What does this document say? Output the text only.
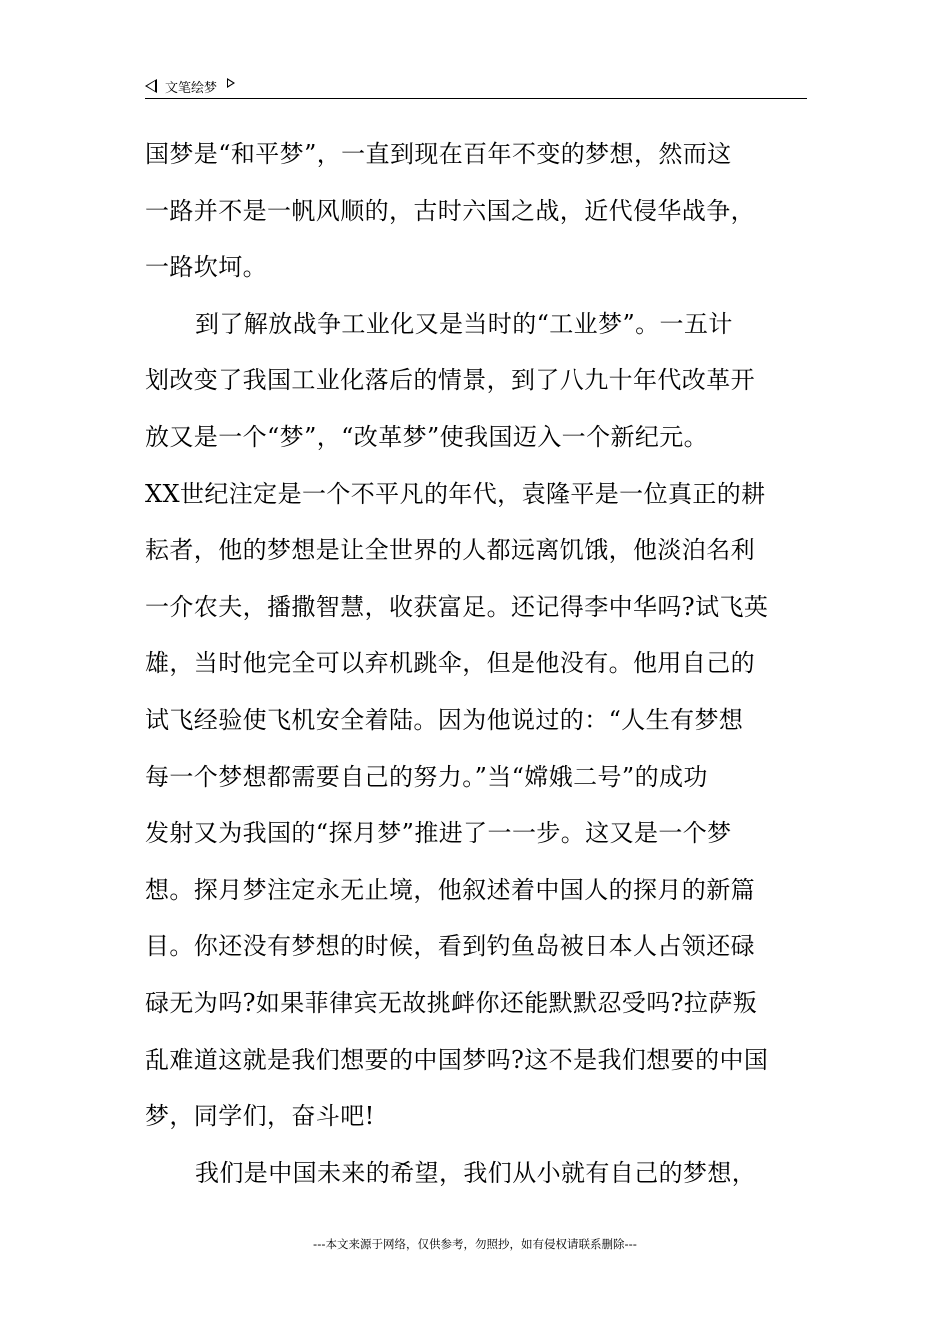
文笔绘梦
国梦是“和平梦”，一直到现在百年不变的梦想，然而这
一路并不是一帆风顺的，古时六国之战，近代侵华战争，
一路坎坷。
到了解放战争工业化又是当时的“工业梦”。一五计
划改变了我国工业化落后的情景，到了八九十年代改革开
放又是一个“梦”，“改革梦”使我国迈入一个新纪元。
XX世纪注定是一个不平凡的年代，袁隆平是一位真正的耕
耘者，他的梦想是让全世界的人都远离饥饿，他淡泊名利
一介农夫，播撒智慧，收获富足。还记得李中华吗?试飞英
雄，当时他完全可以弃机跳伞，但是他没有。他用自己的
试飞经验使飞机安全着陆。因为他说过的：“人生有梦想
每一个梦想都需要自己的努力。”当“嫦娥二号”的成功
发射又为我国的“探月梦”推进了一一步。这又是一个梦
想。探月梦注定永无止境，他叙述着中国人的探月的新篇
目。你还没有梦想的时候，看到钓鱼岛被日本人占领还碌
碌无为吗?如果菲律宾无故挑衅你还能默默忍受吗?拉萨叛
乱难道这就是我们想要的中国梦吗?这不是我们想要的中国
梦，同学们，奋斗吧!
我们是中国未来的希望，我们从小就有自己的梦想，
---本文来源于网络，仅供参考，勿照抄，如有侵权请联系删除---
